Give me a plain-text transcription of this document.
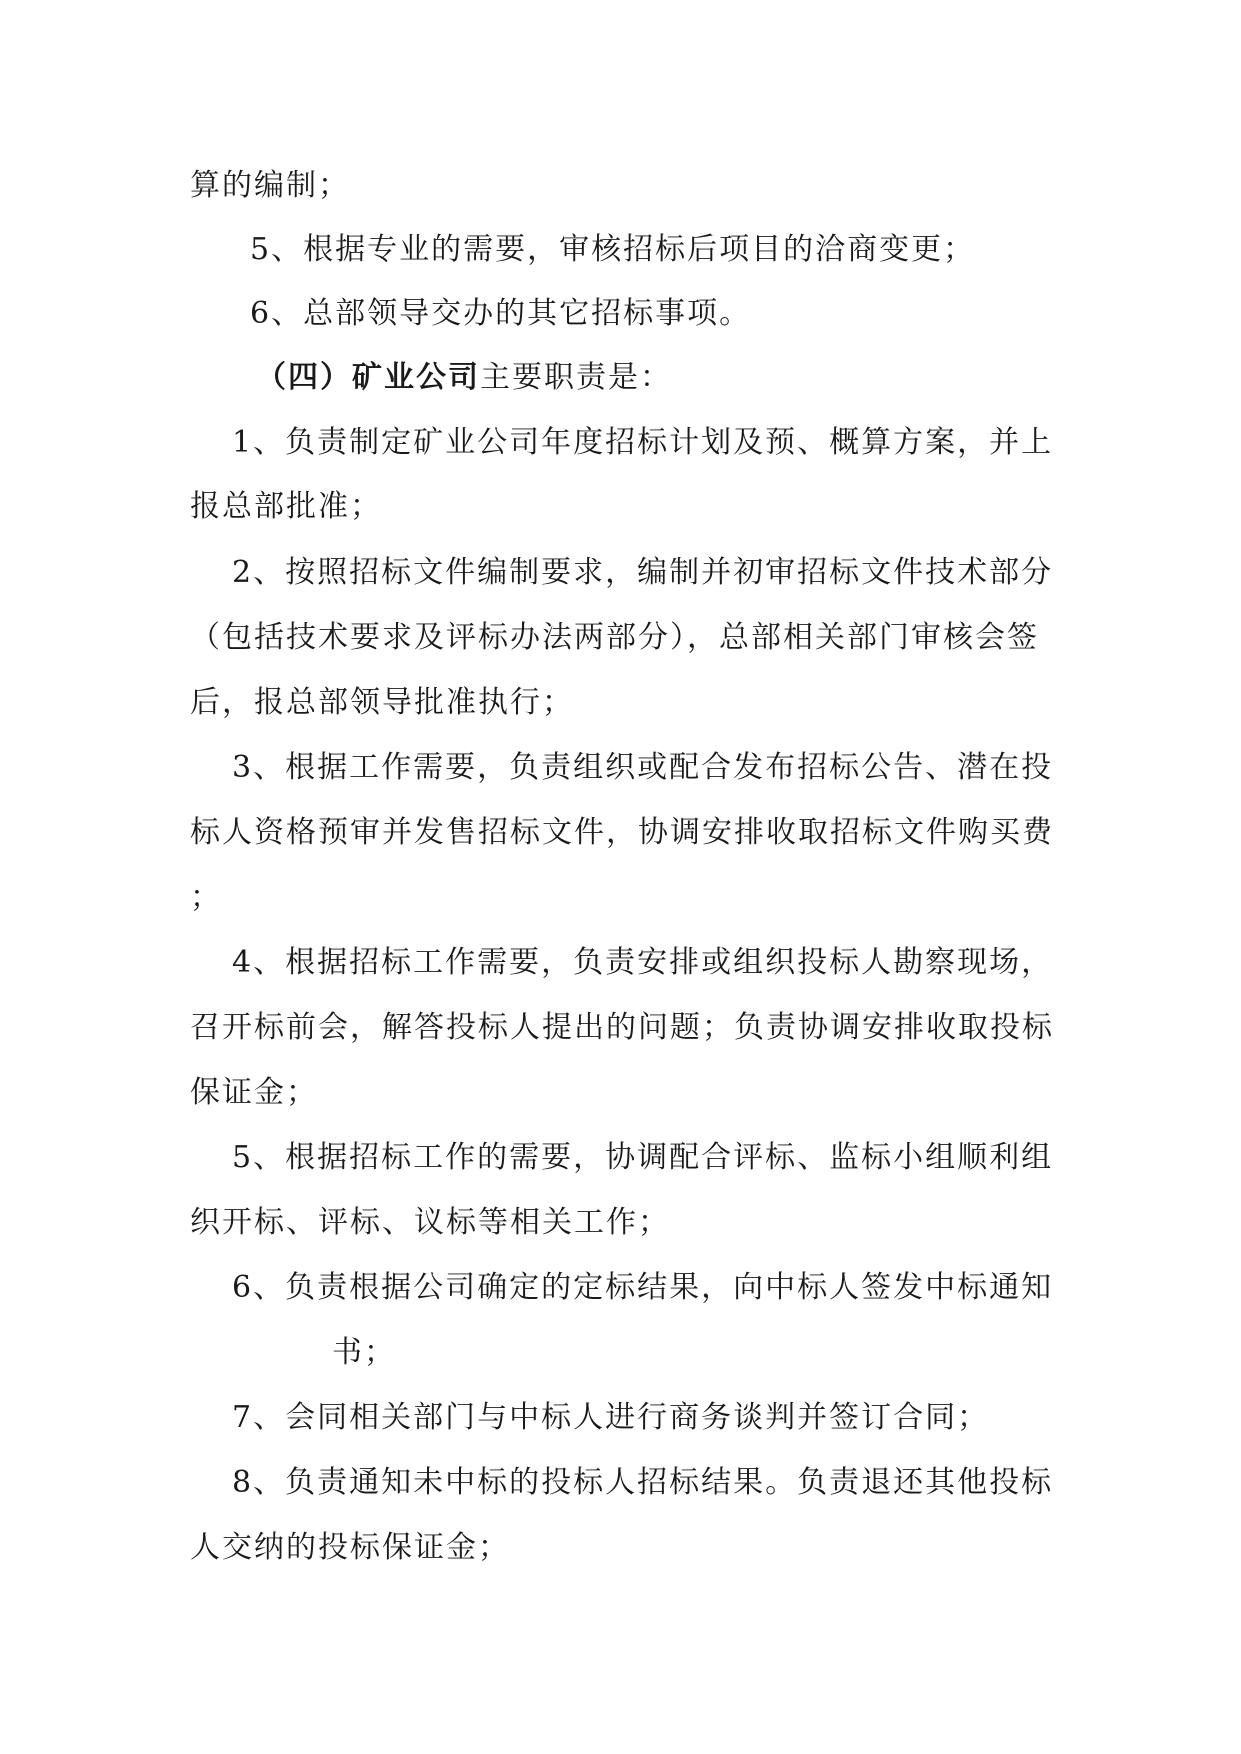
算的编制；

5、根据专业的需要，审核招标后项目的洽商变更；

6、总部领导交办的其它招标事项。

（四）矿业公司主要职责是：

1、负责制定矿业公司年度招标计划及预、概算方案，并上

报总部批准；

2、按照招标文件编制要求，编制并初审招标文件技术部分

（包括技术要求及评标办法两部分），总部相关部门审核会签

后，报总部领导批准执行；

3、根据工作需要，负责组织或配合发布招标公告、潜在投

标人资格预审并发售招标文件，协调安排收取招标文件购买费

；

4、根据招标工作需要，负责安排或组织投标人勘察现场，

召开标前会，解答投标人提出的问题；负责协调安排收取投标

保证金；

5、根据招标工作的需要，协调配合评标、监标小组顺利组

织开标、评标、议标等相关工作；

6、负责根据公司确定的定标结果，向中标人签发中标通知

书；

7、会同相关部门与中标人进行商务谈判并签订合同；

8、负责通知未中标的投标人招标结果。负责退还其他投标

人交纳的投标保证金；
